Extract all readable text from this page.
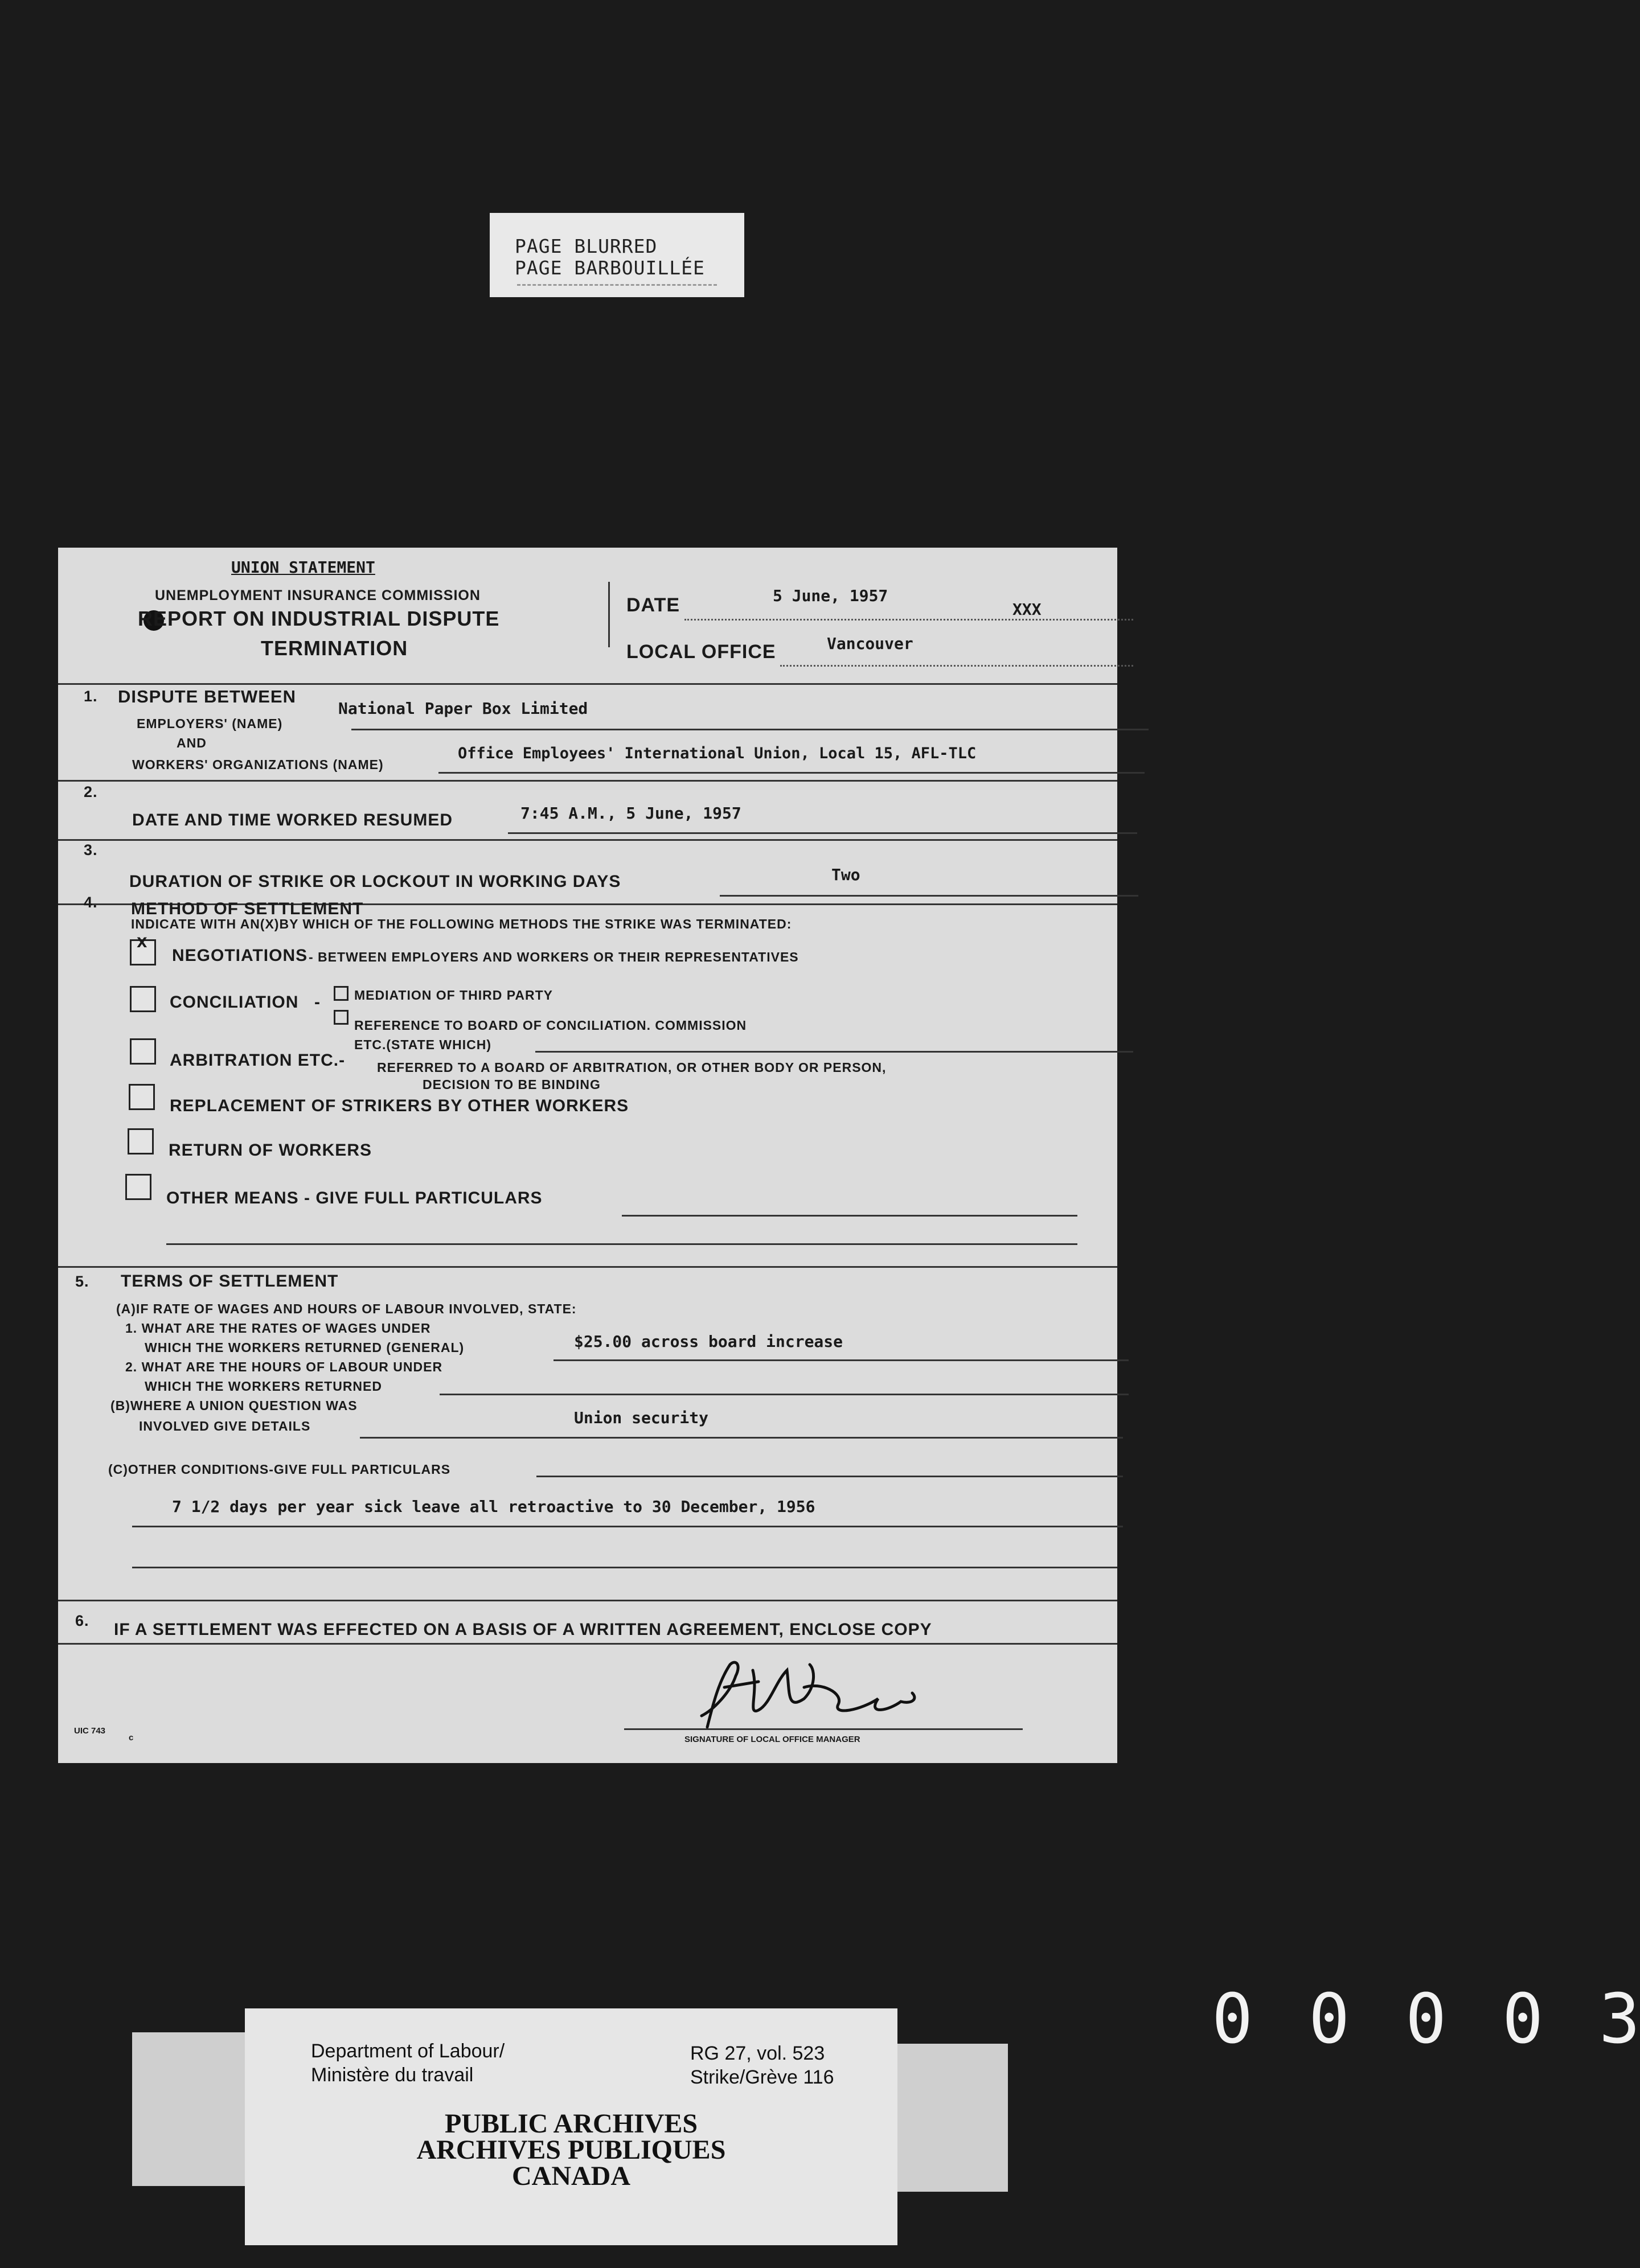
PAGE BLURRED
PAGE BARBOUILLÉE
UNION STATEMENT
UNEMPLOYMENT INSURANCE COMMISSION
REPORT ON INDUSTRIAL DISPUTE
TERMINATION
DATE	5 June, 1957
XXX
LOCAL OFFICE	Vancouver
1. DISPUTE BETWEEN
EMPLOYERS' (NAME)
National Paper Box Limited
AND
WORKERS' ORGANIZATIONS (NAME)
Office Employees' International Union, Local 15, AFL-TLC
2.
DATE AND TIME WORKED RESUMED	7:45 A.M., 5 June, 1957
3.
DURATION OF STRIKE OR LOCKOUT IN WORKING DAYS	Two
4. METHOD OF SETTLEMENT
INDICATE WITH AN(X)BY WHICH OF THE FOLLOWING METHODS THE STRIKE WAS TERMINATED:
X
NEGOTIATIONS - BETWEEN EMPLOYERS AND WORKERS OR THEIR REPRESENTATIVES
CONCILIATION -	MEDIATION OF THIRD PARTY
REFERENCE TO BOARD OF CONCILIATION. COMMISSION
ETC.(STATE WHICH)
ARBITRATION ETC.- REFERRED TO A BOARD OF ARBITRATION, OR OTHER BODY OR PERSON,
DECISION TO BE BINDING
REPLACEMENT OF STRIKERS BY OTHER WORKERS
RETURN OF WORKERS
OTHER MEANS - GIVE FULL PARTICULARS
5. TERMS OF SETTLEMENT
(A)IF RATE OF WAGES AND HOURS OF LABOUR INVOLVED, STATE:
1. WHAT ARE THE RATES OF WAGES UNDER
WHICH THE WORKERS RETURNED (GENERAL)	$25.00 across board increase
2. WHAT ARE THE HOURS OF LABOUR UNDER
WHICH THE WORKERS RETURNED
(B)WHERE A UNION QUESTION WAS
INVOLVED GIVE DETAILS	Union security
(C)OTHER CONDITIONS-GIVE FULL PARTICULARS
7 1/2 days per year sick leave all retroactive to 30 December, 1956
6. IF A SETTLEMENT WAS EFFECTED ON A BASIS OF A WRITTEN AGREEMENT, ENCLOSE COPY
SIGNATURE OF LOCAL OFFICE MANAGER
UIC 743
c
0 0 0 0 3
Department of Labour/
Ministère du travail
RG 27, vol. 523
Strike/Grève 116
PUBLIC ARCHIVES
ARCHIVES PUBLIQUES
CANADA
